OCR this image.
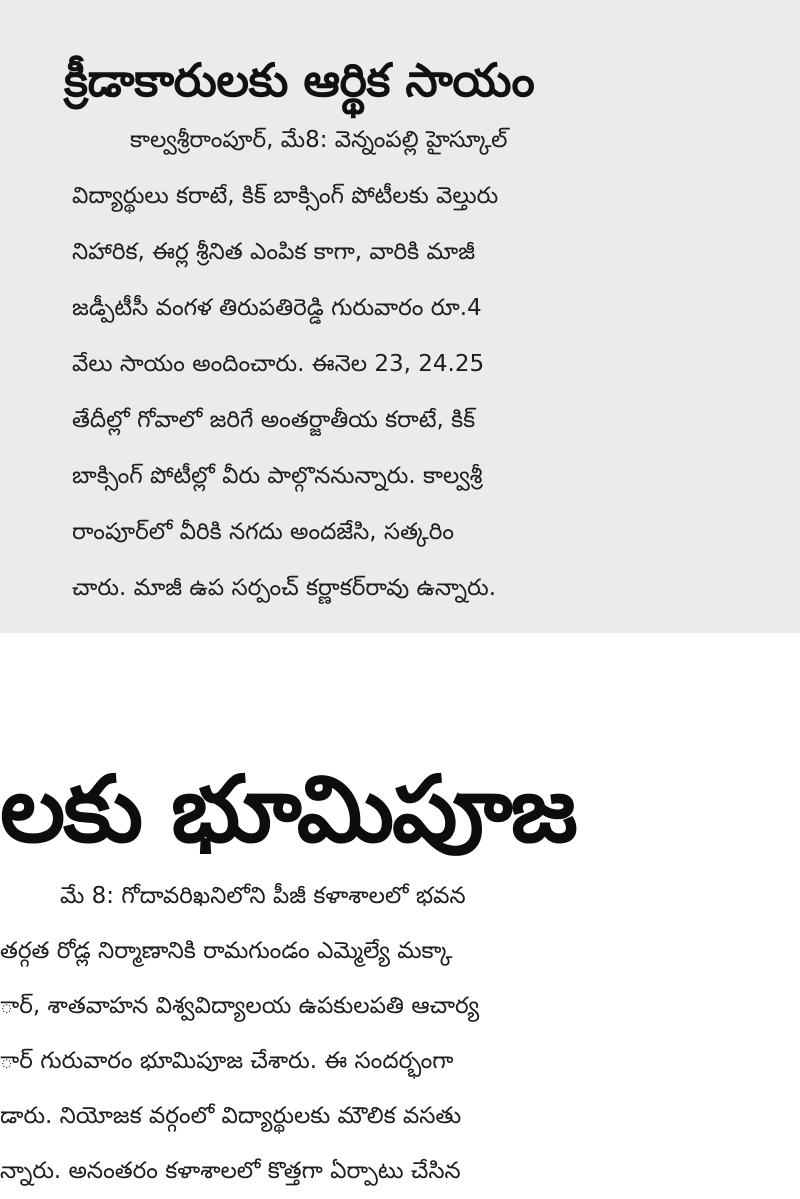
క్రీడాకారులకు ఆర్థిక సాయం
కాల్వశ్రీరాంపూర్, మే8: వెన్నంపల్లి హైస్కూల్
విద్యార్థులు కరాటే, కిక్ బాక్సింగ్ పోటీలకు వెల్తురు
నిహారిక, ఈర్ల శ్రీనిత ఎంపిక కాగా, వారికి మాజీ
జడ్పీటీసీ వంగళ తిరుపతిరెడ్డి గురువారం రూ.4
వేలు సాయం అందించారు. ఈనెల 23, 24.25
తేదీల్లో గోవాలో జరిగే అంతర్జాతీయ కరాటే, కిక్
బాక్సింగ్ పోటీల్లో వీరు పాల్గొననున్నారు. కాల్వశ్రీ
రాంపూర్‌లో వీరికి నగదు అందజేసి, సత్కరిం
చారు. మాజీ ఉప సర్పంచ్ కర్ణాకర్‌రావు ఉన్నారు.
లకు భూమిపూజ
మే 8: గోదావరిఖనిలోని పీజీ కళాశాలలో భవన
తర్గత రోడ్ల నిర్మాణానికి రామగుండం ఎమ్మెల్యే మక్కా
ార్, శాతవాహన విశ్వవిద్యాలయ ఉపకులపతి ఆచార్య
ార్ గురువారం భూమిపూజ చేశారు. ఈ సందర్భంగా
డారు. నియోజక వర్గంలో విద్యార్థులకు మౌలిక వసతు
న్నారు. అనంతరం కళాశాలలో కొత్తగా ఏర్పాటు చేసిన
